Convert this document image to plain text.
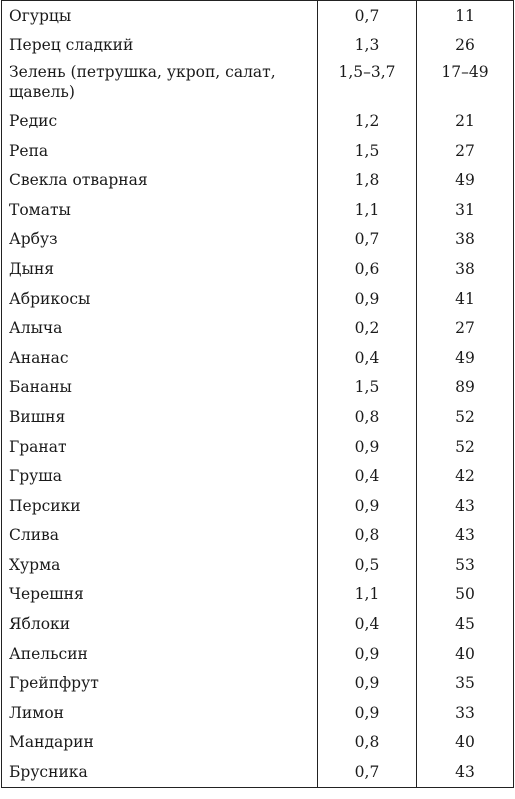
Огурцы	0,7	11
Перец сладкий	1,3	26
Зелень (петрушка, укроп, салат, щавель)	1,5–3,7	17–49
Редис	1,2	21
Репа	1,5	27
Свекла отварная	1,8	49
Томаты	1,1	31
Арбуз	0,7	38
Дыня	0,6	38
Абрикосы	0,9	41
Алыча	0,2	27
Ананас	0,4	49
Бананы	1,5	89
Вишня	0,8	52
Гранат	0,9	52
Груша	0,4	42
Персики	0,9	43
Слива	0,8	43
Хурма	0,5	53
Черешня	1,1	50
Яблоки	0,4	45
Апельсин	0,9	40
Грейпфрут	0,9	35
Лимон	0,9	33
Мандарин	0,8	40
Брусника	0,7	43
